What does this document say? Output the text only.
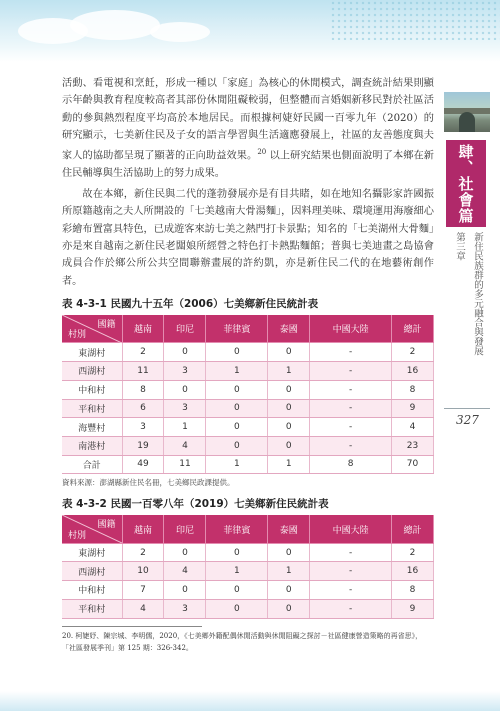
肆、社會篇
第三章 新住民族群的多元融合與發展
327

活動、看電視和烹飪，形成一種以「家庭」為核心的休閒模式，調查統計結果則顯示年齡與教育程度較高者其部份休閒阻礙較弱，但整體而言婚姻新移民對於社區活動的參與熱烈程度平均高於本地居民。而根據柯婕妤民國一百零九年（2020）的研究顯示，七美新住民及子女的語言學習與生活適應發展上，社區的友善態度與夫家人的協助都呈現了顯著的正向助益效果。$^{20}$ 以上研究結果也側面說明了本鄉在新住民輔導與生活協助上的努力成果。

故在本鄉，新住民與二代的蓬勃發展亦是有目共睹，如在地知名攝影家許國振所原籍越南之夫人所開設的「七美越南大骨湯麵」，因料理美味、環境運用海廢細心彩繪布置富具特色，已成遊客來訪七美之熱門打卡景點；知名的「七美湖州大骨麵」亦是來自越南之新住民老闆娘所經營之特色打卡熱點麵館；普與七美迪畫之島協會成員合作於鄉公所公共空間聯辦畫展的許約凱，亦是新住民二代的在地藝術創作者。

表 4-3-1 民國九十五年（2006）七美鄉新住民統計表
國籍
村別	越南	印尼	菲律賓	泰國	中國大陸	總計
東湖村	2	0	0	0	-	2
西湖村	11	3	1	1	-	16
中和村	8	0	0	0	-	8
平和村	6	3	0	0	-	9
海豐村	3	1	0	0	-	4
南港村	19	4	0	0	-	23
合計	49	11	1	1	8	70
資料來源：澎湖縣新住民名冊，七美鄉民政課提供。
表 4-3-2 民國一百零八年（2019）七美鄉新住民統計表
國籍
村別	越南	印尼	菲律賓	泰國	中國大陸	總計
東湖村	2	0	0	0	-	2
西湖村	10	4	1	1	-	16
中和村	7	0	0	0	-	8
平和村	4	3	0	0	-	9
20. 柯婕妤、陳宗城、李明儒，2020，《七美鄉外籍配偶休閒活動與休閒阻礙之探討－社區健康營造策略的再省思》，
「社區發展季刊」第 125 期：326-342。
